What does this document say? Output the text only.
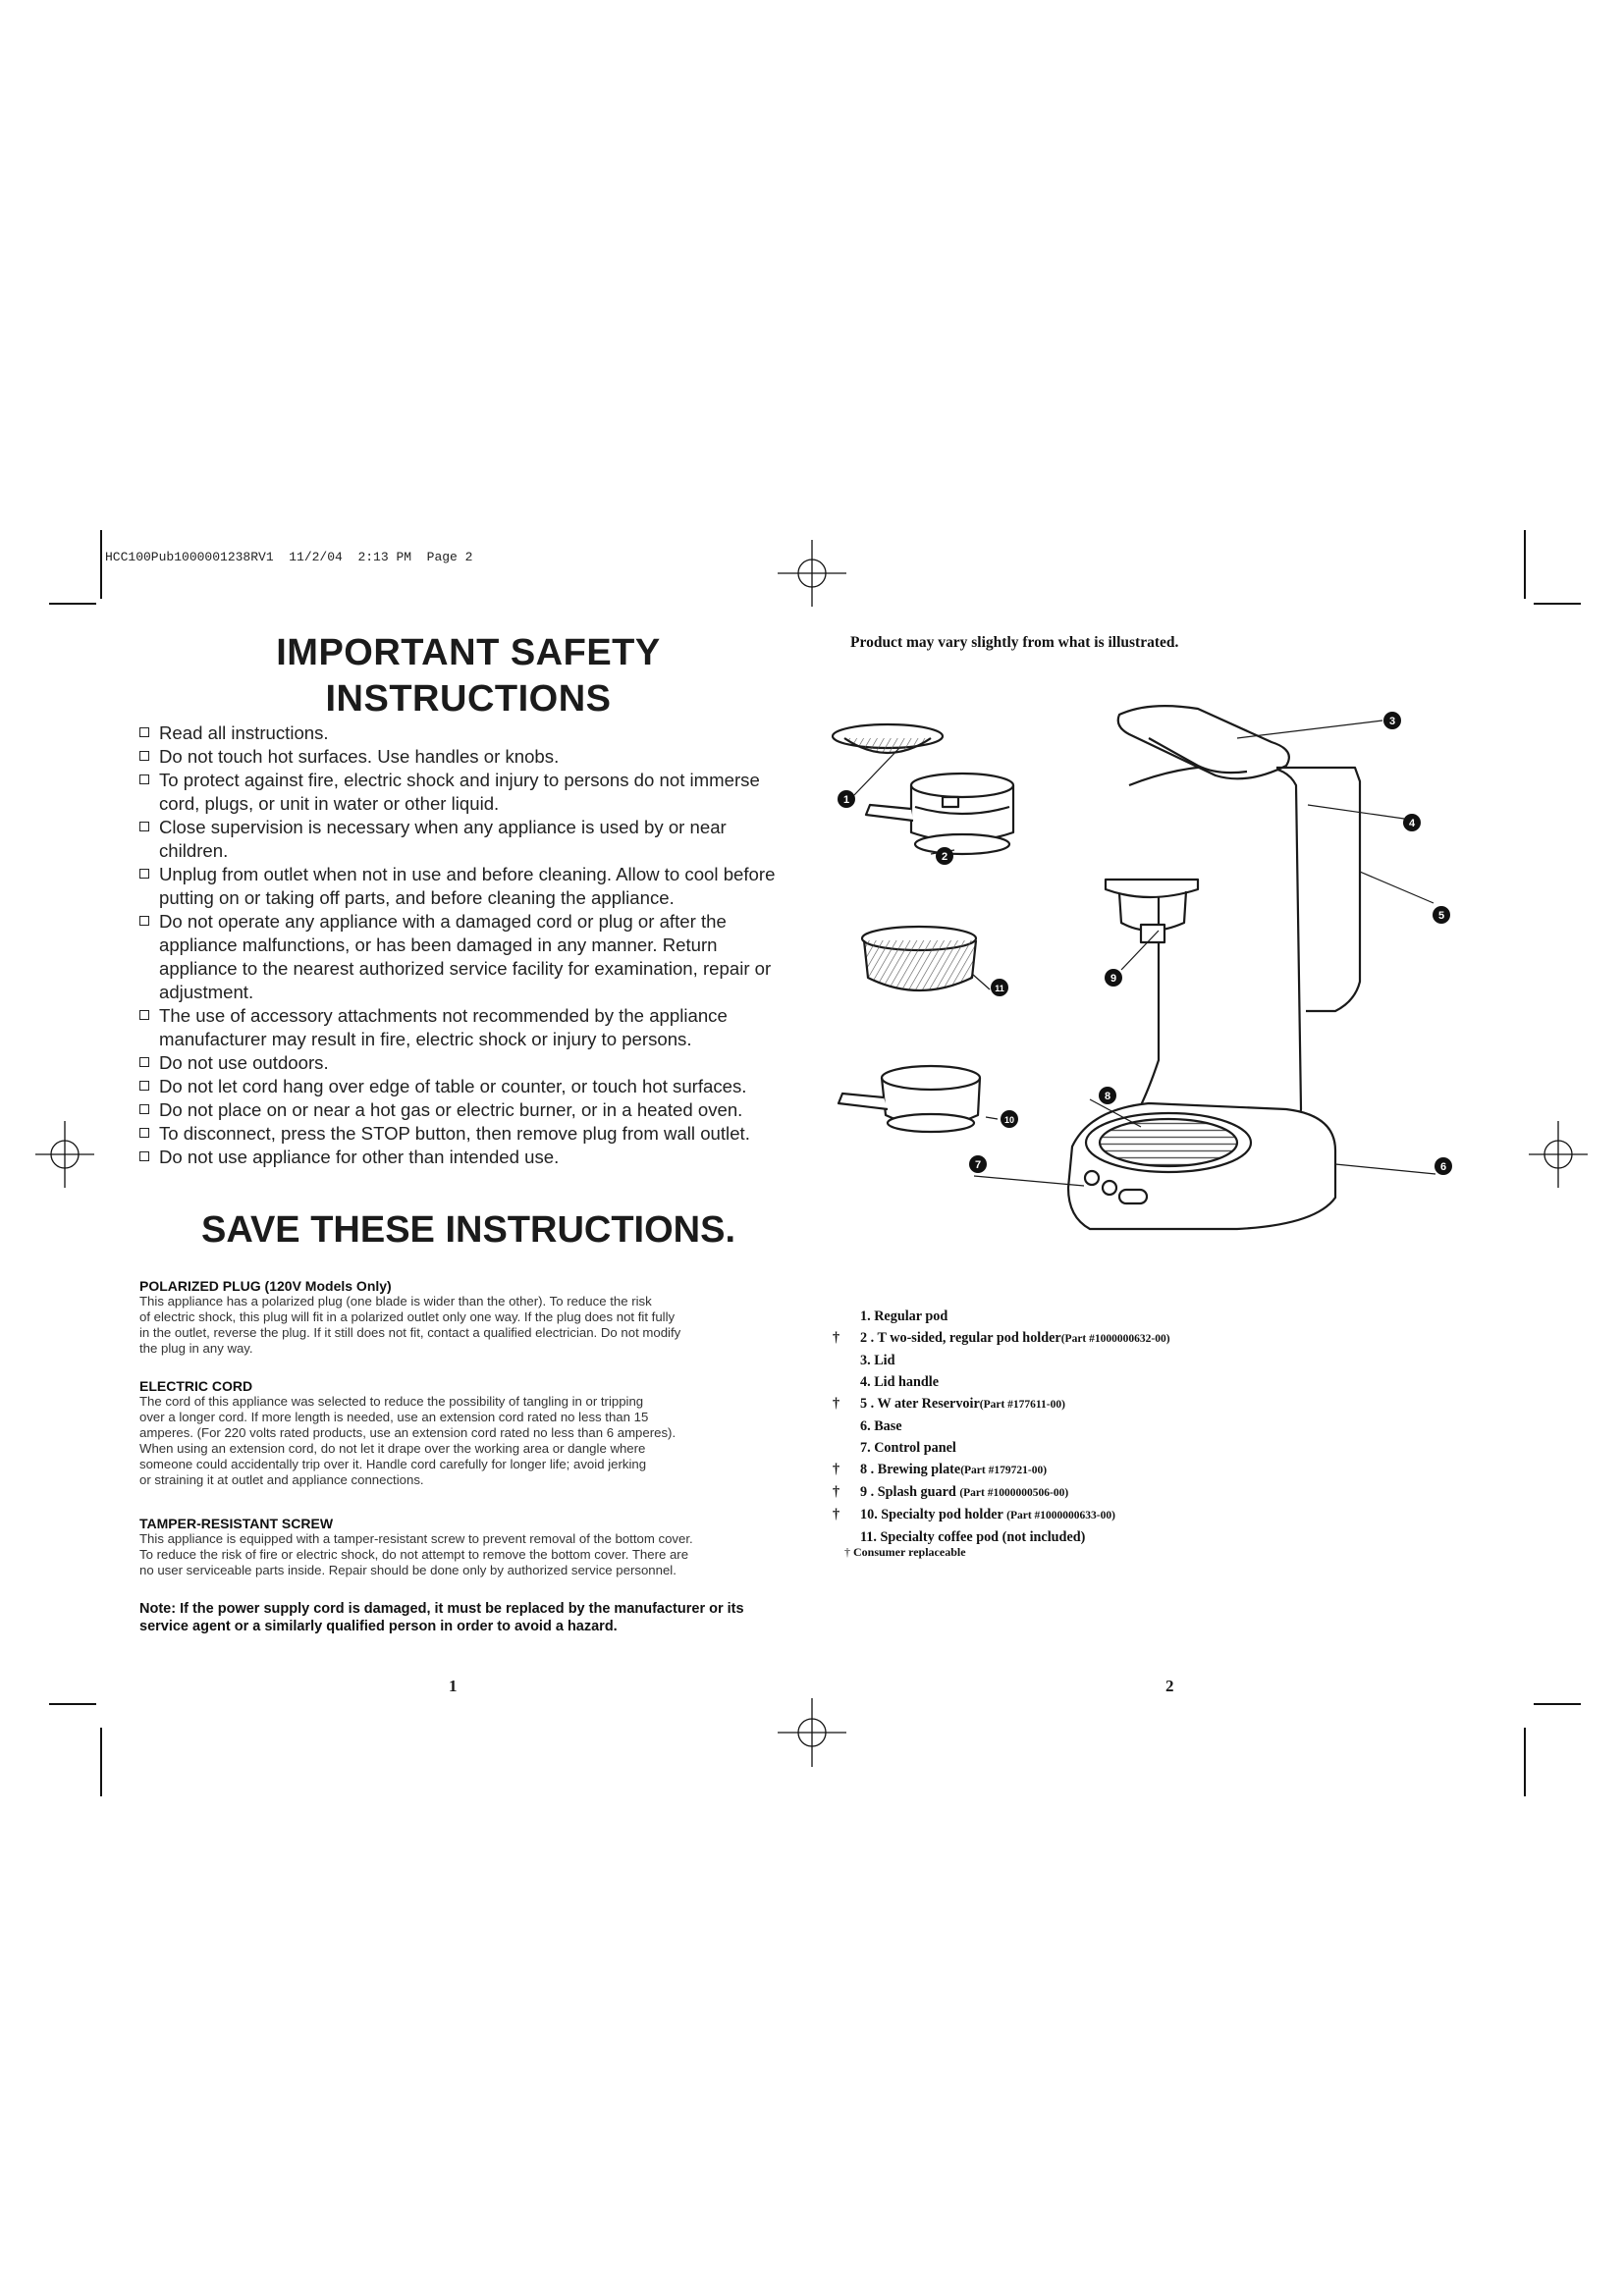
HCC100Pub1000001238RV1  11/2/04  2:13 PM  Page 2
IMPORTANT SAFETY
INSTRUCTIONS
Read all instructions.
Do not touch hot surfaces. Use handles or knobs.
To protect against fire, electric shock and injury to persons do not immerse cord, plugs, or unit in water or other liquid.
Close supervision is necessary when any appliance is used by or near children.
Unplug from outlet when not in use and before cleaning. Allow to cool before putting on or taking off parts, and before cleaning the appliance.
Do not operate any appliance with a damaged cord or plug or after the appliance malfunctions, or has been damaged in any manner. Return appliance to the nearest authorized service facility for examination, repair or adjustment.
The use of accessory attachments not recommended by the appliance manufacturer may result in fire, electric shock or injury to persons.
Do not use outdoors.
Do not let cord hang over edge of table or counter, or touch hot surfaces.
Do not place on or near a hot gas or electric burner, or in a heated oven.
To disconnect, press the STOP button, then remove plug from wall outlet.
Do not use appliance for other than intended use.
SAVE THESE INSTRUCTIONS.
POLARIZED PLUG (120V Models Only)
This appliance has a polarized plug (one blade is wider than the other). To reduce the risk
of electric shock, this plug will fit in a polarized outlet only one way. If the plug does not fit fully
in the outlet, reverse the plug. If it still does not fit, contact a qualified electrician. Do not modify
the plug in any way.
ELECTRIC CORD
The cord of this appliance was selected to reduce the possibility of tangling in or tripping
over a longer cord. If more length is needed, use an extension cord rated no less than 15
amperes. (For 220 volts rated products, use an extension cord rated no less than 6 amperes).
When using an extension cord, do not let it drape over the working area or dangle where
someone could accidentally trip over it. Handle cord carefully for longer life; avoid jerking
or straining it at outlet and appliance connections.
TAMPER-RESISTANT SCREW
This appliance is equipped with a tamper-resistant screw to prevent removal of the bottom cover.
To reduce the risk of fire or electric shock, do not attempt to remove the bottom cover. There are
no user serviceable parts inside. Repair should be done only by authorized service personnel.
Note: If the power supply cord is damaged, it must be replaced by the manufacturer or its
service agent or a similarly qualified person in order to avoid a hazard.
1
Product may vary slightly from what is illustrated.
1
2
3
4
5
6
7
8
9
10
11
1. Regular pod
† 2 . T wo-sided, regular pod holder(Part #1000000632-00)
3. Lid
4. Lid handle
† 5 . W ater Reservoir(Part #177611-00)
6. Base
7. Control panel
† 8 . Brewing plate(Part #179721-00)
† 9 . Splash guard (Part #1000000506-00)
† 10. Specialty pod holder (Part #1000000633-00)
11. Specialty coffee pod (not included)
† Consumer replaceable
2
